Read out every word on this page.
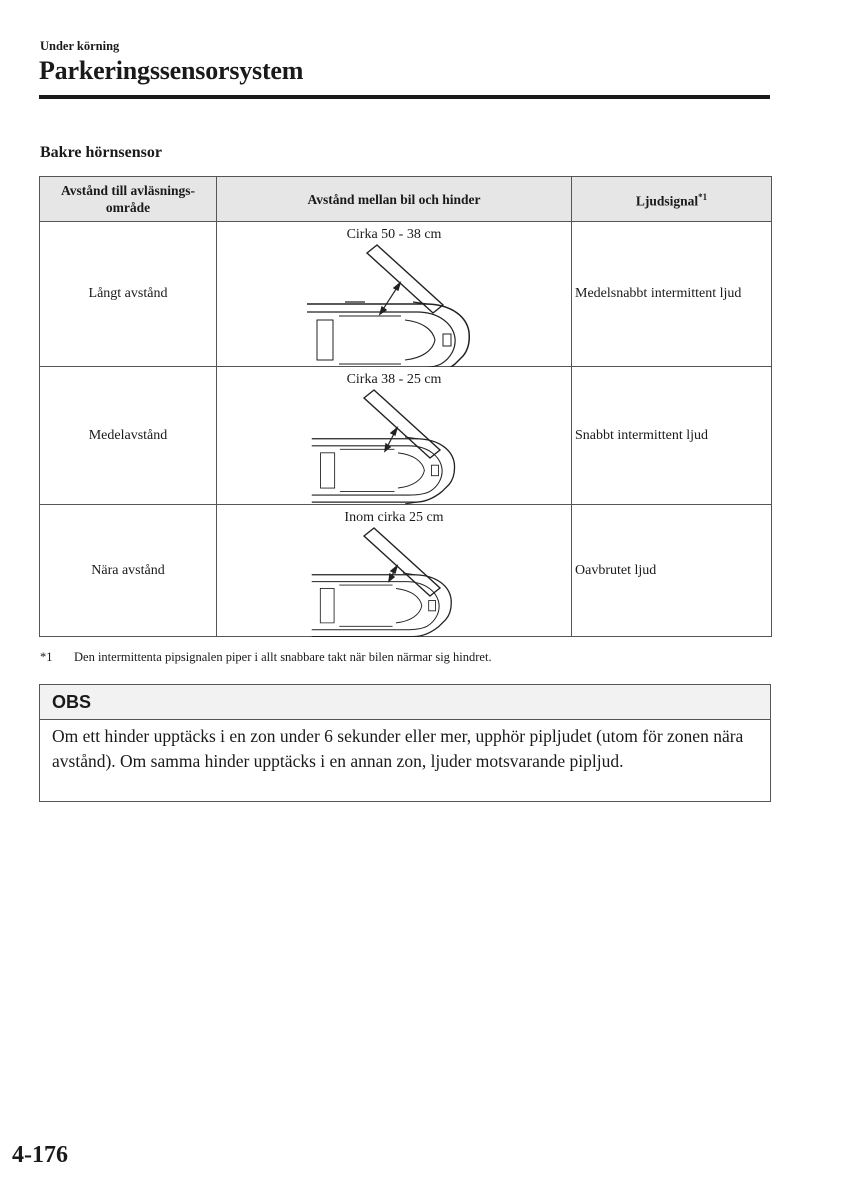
Under körning
Parkeringssensorsystem
Bakre hörnsensor
Avstånd till avläsnings-område	Avstånd mellan bil och hinder	Ljudsignal$^{*1}$
Långt avstånd	Cirka 50 - 38 cm	Medelsnabbt intermittent ljud
Medelavstånd	Cirka 38 - 25 cm	Snabbt intermittent ljud
Nära avstånd	Inom cirka 25 cm	Oavbrutet ljud
*1 Den intermittenta pipsignalen piper i allt snabbare takt när bilen närmar sig hindret.
OBS
Om ett hinder upptäcks i en zon under 6 sekunder eller mer, upphör pipljudet (utom för zonen nära avstånd). Om samma hinder upptäcks i en annan zon, ljuder motsvarande pipljud.
4-176
